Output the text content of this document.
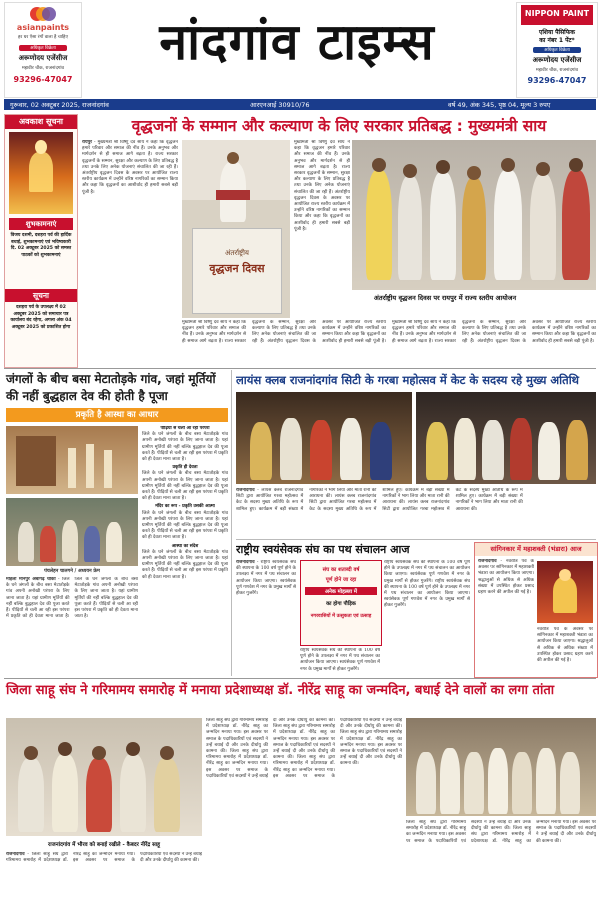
asianpaints
हर घर ऐसा रंगों वाला है चाहिए
अधिकृत विक्रेता
अरूणोदय एजेंसीज
महावीर चौक, राजनांदगांव
93296-47047
नांदगांव टाइम्स	NIPPON PAINT
एशिया पैसिफिक
का नंबर 1 पेंट*
अधिकृत विक्रेता
अरूणोदय एजेंसीज
महावीर चौक, राजनांदगांव
93296-47047
गुरूवार, 02 अक्टूबर 2025, राजनांदगांव	आरएनआई 30910/76	वर्ष 49, अंक 345, पृष्ठ 04, मूल्य 3 रुपए
अवकाश सूचना
शुभकामनाएं
विजय दशमी, दशहरा पर्व की हार्दिक बधाई, शुभकामनाएं एवं भविष्यकारी दि. 02 अक्टूबर 2025 को समस्त पाठकों को शुभकामनाएं
सूचना
दशहरा पर्व के उपलक्ष्य में 02 अक्टूबर 2025 को समाचार पत्र कार्यालय बंद रहेगा, अगला अंक 04 अक्टूबर 2025 को प्रकाशित होगा
वृद्धजनों के सम्मान और कल्याण के लिए सरकार प्रतिबद्ध : मुख्यमंत्री साय
रायपुर - मुख्यमंत्री श्री विष्णु देव साय ने कहा कि वृद्धजन हमारे परिवार और समाज की नींव हैं। उनके अनुभव और मार्गदर्शन से ही समाज आगे बढ़ता है। राज्य सरकार वृद्धजनों के सम्मान, सुरक्षा और कल्याण के लिए प्रतिबद्ध है तथा उनके लिए अनेक योजनाएं संचालित की जा रही हैं। अंतर्राष्ट्रीय वृद्धजन दिवस के अवसर पर आयोजित राज्य स्तरीय कार्यक्रम में उन्होंने वरिष्ठ नागरिकों का सम्मान किया और कहा कि वृद्धजनों का आशीर्वाद ही हमारी सबसे बड़ी पूंजी है।
अंतर्राष्ट्रीय
वृद्धजन दिवस
मुख्यमंत्री श्री विष्णु देव साय ने कहा कि वृद्धजन हमारे परिवार और समाज की नींव हैं। उनके अनुभव और मार्गदर्शन से ही समाज आगे बढ़ता है। राज्य सरकार वृद्धजनों के सम्मान, सुरक्षा और कल्याण के लिए प्रतिबद्ध है तथा उनके लिए अनेक योजनाएं संचालित की जा रही हैं। अंतर्राष्ट्रीय वृद्धजन दिवस के अवसर पर आयोजित राज्य स्तरीय कार्यक्रम में उन्होंने वरिष्ठ नागरिकों का सम्मान किया और कहा कि वृद्धजनों का आशीर्वाद ही हमारी सबसे बड़ी पूंजी है।
अंतर्राष्ट्रीय वृद्धजन दिवस पर रायपुर में राज्य स्तरीय आयोजन
मुख्यमंत्री श्री विष्णु देव साय ने कहा कि वृद्धजन हमारे परिवार और समाज की नींव हैं। उनके अनुभव और मार्गदर्शन से ही समाज आगे बढ़ता है। राज्य सरकार वृद्धजनों के सम्मान, सुरक्षा और कल्याण के लिए प्रतिबद्ध है तथा उनके लिए अनेक योजनाएं संचालित की जा रही हैं। अंतर्राष्ट्रीय वृद्धजन दिवस के अवसर पर आयोजित राज्य स्तरीय कार्यक्रम में उन्होंने वरिष्ठ नागरिकों का सम्मान किया और कहा कि वृद्धजनों का आशीर्वाद ही हमारी सबसे बड़ी पूंजी है। मुख्यमंत्री श्री विष्णु देव साय ने कहा कि वृद्धजन हमारे परिवार और समाज की नींव हैं। उनके अनुभव और मार्गदर्शन से ही समाज आगे बढ़ता है। राज्य सरकार वृद्धजनों के सम्मान, सुरक्षा और कल्याण के लिए प्रतिबद्ध है तथा उनके लिए अनेक योजनाएं संचालित की जा रही हैं। अंतर्राष्ट्रीय वृद्धजन दिवस के अवसर पर आयोजित राज्य स्तरीय कार्यक्रम में उन्होंने वरिष्ठ नागरिकों का सम्मान किया और कहा कि वृद्धजनों का आशीर्वाद ही हमारी सबसे बड़ी पूंजी है।
जंगलों के बीच बसा मेटातोड़के गांव, जहां मूर्तियों की नहीं बुद्धहाल देव की होती है पूजा
प्रकृति है आस्था का आधार
पंचलेहन चालगने / अध्ययन फ्रेम
पीढ़ियों से चली आ रही परंपरा
जिले के घने जंगलों के बीच बसा मेटातोड़के गांव अपनी अनोखी परंपरा के लिए जाना जाता है। यहां ग्रामीण मूर्तियों की नहीं बल्कि बुद्धहाल देव की पूजा करते हैं। पीढ़ियों से चली आ रही इस परंपरा में प्रकृति को ही देवता माना जाता है।
प्रकृति ही देवता
जिले के घने जंगलों के बीच बसा मेटातोड़के गांव अपनी अनोखी परंपरा के लिए जाना जाता है। यहां ग्रामीण मूर्तियों की नहीं बल्कि बुद्धहाल देव की पूजा करते हैं। पीढ़ियों से चली आ रही इस परंपरा में प्रकृति को ही देवता माना जाता है।
मंदिर का रूप - प्रकृति उसकी आत्मा
जिले के घने जंगलों के बीच बसा मेटातोड़के गांव अपनी अनोखी परंपरा के लिए जाना जाता है। यहां ग्रामीण मूर्तियों की नहीं बल्कि बुद्धहाल देव की पूजा करते हैं। पीढ़ियों से चली आ रही इस परंपरा में प्रकृति को ही देवता माना जाता है।
आस्था का संदेश
जिले के घने जंगलों के बीच बसा मेटातोड़के गांव अपनी अनोखी परंपरा के लिए जाना जाता है। यहां ग्रामीण मूर्तियों की नहीं बल्कि बुद्धहाल देव की पूजा करते हैं। पीढ़ियों से चली आ रही इस परंपरा में प्रकृति को ही देवता माना जाता है।
मोहला मानपुर अंबागढ़ चौकी - जिले के घने जंगलों के बीच बसा मेटातोड़के गांव अपनी अनोखी परंपरा के लिए जाना जाता है। यहां ग्रामीण मूर्तियों की नहीं बल्कि बुद्धहाल देव की पूजा करते हैं। पीढ़ियों से चली आ रही इस परंपरा में प्रकृति को ही देवता माना जाता है। जिले के घने जंगलों के बीच बसा मेटातोड़के गांव अपनी अनोखी परंपरा के लिए जाना जाता है। यहां ग्रामीण मूर्तियों की नहीं बल्कि बुद्धहाल देव की पूजा करते हैं। पीढ़ियों से चली आ रही इस परंपरा में प्रकृति को ही देवता माना जाता है।
लायंस क्लब राजनांदगांव सिटी के गरबा महोत्सव में केट के सदस्य रहे मुख्य अतिथि
राजनांदगांव - लायंस क्लब राजनांदगांव सिटी द्वारा आयोजित गरबा महोत्सव में केट के सदस्य मुख्य अतिथि के रूप में शामिल हुए। कार्यक्रम में बड़ी संख्या में नागरिकों ने भाग लिया और माता रानी की आराधना की। लायंस क्लब राजनांदगांव सिटी द्वारा आयोजित गरबा महोत्सव में केट के सदस्य मुख्य अतिथि के रूप में शामिल हुए। कार्यक्रम में बड़ी संख्या में नागरिकों ने भाग लिया और माता रानी की आराधना की। लायंस क्लब राजनांदगांव सिटी द्वारा आयोजित गरबा महोत्सव में केट के सदस्य मुख्य अतिथि के रूप में शामिल हुए। कार्यक्रम में बड़ी संख्या में नागरिकों ने भाग लिया और माता रानी की आराधना की।
राष्ट्रीय स्वयंसेवक संघ का पथ संचालन आज
राजनांदगांव - राष्ट्रीय स्वयंसेवक संघ की स्थापना के 100 वर्ष पूर्ण होने के उपलक्ष्य में नगर में पथ संचालन का आयोजन किया जाएगा। स्वयंसेवक पूर्ण गणवेश में नगर के प्रमुख मार्गों से होकर गुजरेंगे।
संघ का शताब्दी वर्ष
पूर्ण होने जा रहा
अनेक मोहल्ला में
का होगा पौड़िक
नगरवासियों में उत्सुकता एवं उत्साह
राष्ट्रीय स्वयंसेवक संघ की स्थापना के 100 वर्ष पूर्ण होने के उपलक्ष्य में नगर में पथ संचालन का आयोजन किया जाएगा। स्वयंसेवक पूर्ण गणवेश में नगर के प्रमुख मार्गों से होकर गुजरेंगे। राष्ट्रीय स्वयंसेवक संघ की स्थापना के 100 वर्ष पूर्ण होने के उपलक्ष्य में नगर में पथ संचालन का आयोजन किया जाएगा। स्वयंसेवक पूर्ण गणवेश में नगर के प्रमुख मार्गों से होकर गुजरेंगे।
राष्ट्रीय स्वयंसेवक संघ की स्थापना के 100 वर्ष पूर्ण होने के उपलक्ष्य में नगर में पथ संचालन का आयोजन किया जाएगा। स्वयंसेवक पूर्ण गणवेश में नगर के प्रमुख मार्गों से होकर गुजरेंगे।
सांगिनकार में महाशक्ती (भंडारा) आज
राजनांदगांव - नवरात्रि पर्व के अवसर पर सांगिनकार में महाशक्ती भंडारा का आयोजन किया जाएगा। श्रद्धालुओं से अधिक से अधिक संख्या में उपस्थित होकर प्रसाद ग्रहण करने की अपील की गई है।
नवरात्रि पर्व के अवसर पर सांगिनकार में महाशक्ती भंडारा का आयोजन किया जाएगा। श्रद्धालुओं से अधिक से अधिक संख्या में उपस्थित होकर प्रसाद ग्रहण करने की अपील की गई है।
जिला साहू संघ ने गरिमामय समारोह में मनाया प्रदेशाध्यक्ष डॉ. नीरेंद्र साहू का जन्मदिन, बधाई देने वालों का लगा तांता
राजनांदगांव में भौरव को बनाई रखीले - कैबदर नीरेंद्र साहू
राजनांदगांव - जिला साहू संघ द्वारा गरिमामय समारोह में प्रदेशाध्यक्ष डॉ. नीरेंद्र साहू का जन्मदिन मनाया गया। इस अवसर पर समाज के पदाधिकारियों एवं सदस्यों ने उन्हें बधाई दी और उनके दीर्घायु की कामना की।
जिला साहू संघ द्वारा गरिमामय समारोह में प्रदेशाध्यक्ष डॉ. नीरेंद्र साहू का जन्मदिन मनाया गया। इस अवसर पर समाज के पदाधिकारियों एवं सदस्यों ने उन्हें बधाई दी और उनके दीर्घायु की कामना की। जिला साहू संघ द्वारा गरिमामय समारोह में प्रदेशाध्यक्ष डॉ. नीरेंद्र साहू का जन्मदिन मनाया गया। इस अवसर पर समाज के पदाधिकारियों एवं सदस्यों ने उन्हें बधाई दी और उनके दीर्घायु की कामना की। जिला साहू संघ द्वारा गरिमामय समारोह में प्रदेशाध्यक्ष डॉ. नीरेंद्र साहू का जन्मदिन मनाया गया। इस अवसर पर समाज के पदाधिकारियों एवं सदस्यों ने उन्हें बधाई दी और उनके दीर्घायु की कामना की। जिला साहू संघ द्वारा गरिमामय समारोह में प्रदेशाध्यक्ष डॉ. नीरेंद्र साहू का जन्मदिन मनाया गया। इस अवसर पर समाज के पदाधिकारियों एवं सदस्यों ने उन्हें बधाई दी और उनके दीर्घायु की कामना की। जिला साहू संघ द्वारा गरिमामय समारोह में प्रदेशाध्यक्ष डॉ. नीरेंद्र साहू का जन्मदिन मनाया गया। इस अवसर पर समाज के पदाधिकारियों एवं सदस्यों ने उन्हें बधाई दी और उनके दीर्घायु की कामना की।
जिला साहू संघ द्वारा गरिमामय समारोह में प्रदेशाध्यक्ष डॉ. नीरेंद्र साहू का जन्मदिन मनाया गया। इस अवसर पर समाज के पदाधिकारियों एवं सदस्यों ने उन्हें बधाई दी और उनके दीर्घायु की कामना की। जिला साहू संघ द्वारा गरिमामय समारोह में प्रदेशाध्यक्ष डॉ. नीरेंद्र साहू का जन्मदिन मनाया गया। इस अवसर पर समाज के पदाधिकारियों एवं सदस्यों ने उन्हें बधाई दी और उनके दीर्घायु की कामना की।
